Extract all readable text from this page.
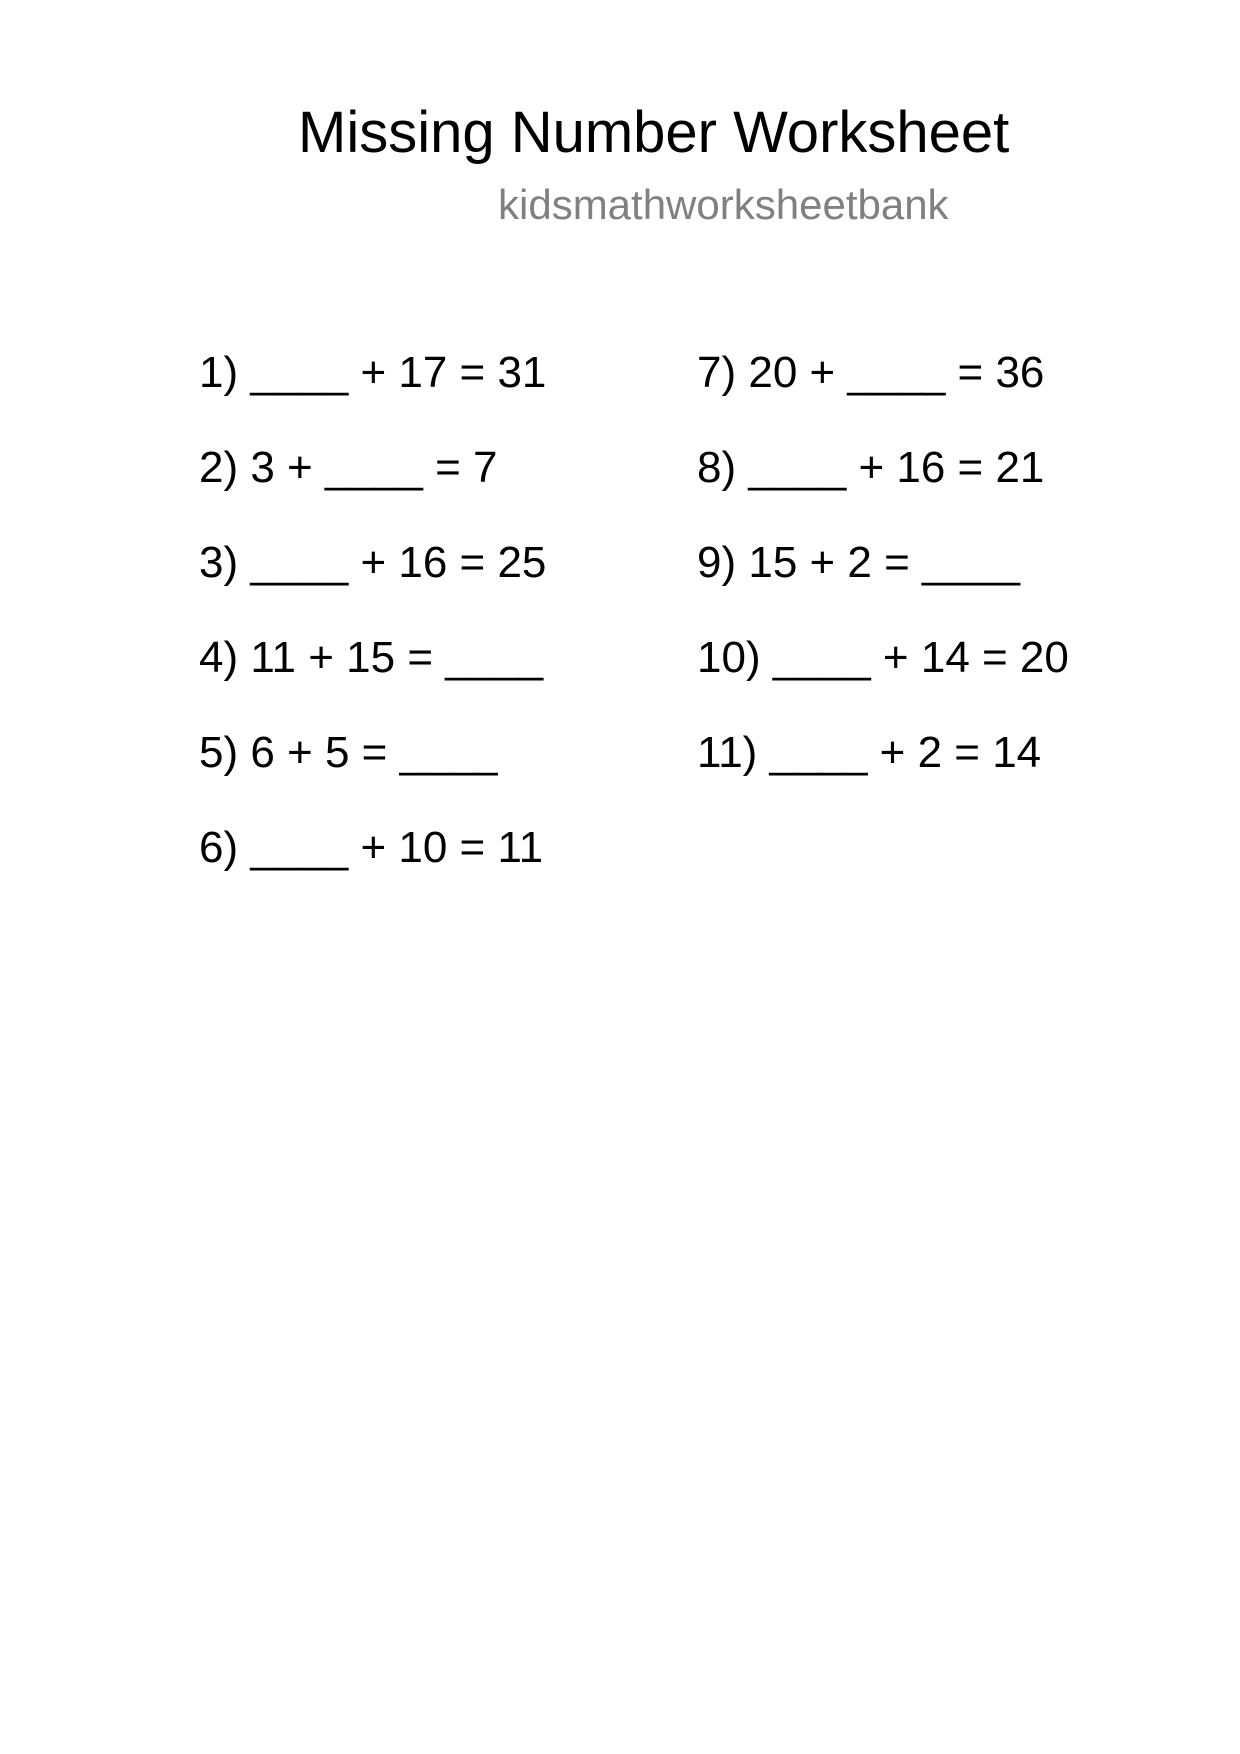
Missing Number Worksheet
kidsmathworksheetbank
1) ____ + 17 = 31
2) 3 + ____ = 7
3) ____ + 16 = 25
4) 11 + 15 = ____
5) 6 + 5 = ____
6) ____ + 10 = 11
7) 20 + ____ = 36
8) ____ + 16 = 21
9) 15 + 2 = ____
10) ____ + 14 = 20
11) ____ + 2 = 14
